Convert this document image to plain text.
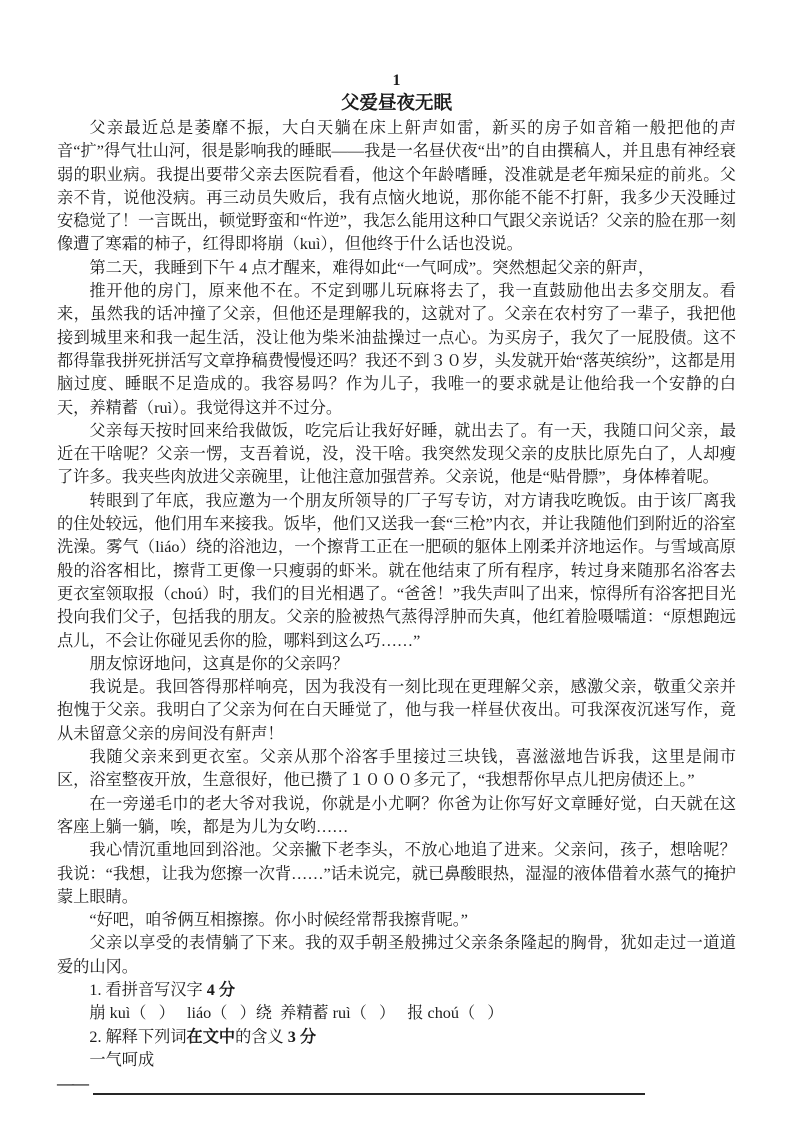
1
父爱昼夜无眠

父亲最近总是萎靡不振，大白天躺在床上鼾声如雷，新买的房子如音箱一般把他的声音“扩”得气壮山河，很是影响我的睡眠——我是一名昼伏夜“出”的自由撰稿人，并且患有神经衰弱的职业病。我提出要带父亲去医院看看，他这个年龄嗜睡，没准就是老年痴呆症的前兆。父亲不肯，说他没病。再三动员失败后，我有点恼火地说，那你能不能不打鼾，我多少天没睡过安稳觉了！一言既出，顿觉野蛮和“忤逆”，我怎么能用这种口气跟父亲说话？父亲的脸在那一刻像遭了寒霜的柿子，红得即将崩（kuì），但他终于什么话也没说。

第二天，我睡到下午 4 点才醒来，难得如此“一气呵成”。突然想起父亲的鼾声，

推开他的房门，原来他不在。不定到哪儿玩麻将去了，我一直鼓励他出去多交朋友。看来，虽然我的话冲撞了父亲，但他还是理解我的，这就对了。父亲在农村穷了一辈子，我把他接到城里来和我一起生活，没让他为柴米油盐操过一点心。为买房子，我欠了一屁股债。这不都得靠我拼死拼活写文章挣稿费慢慢还吗？我还不到３０岁，头发就开始“落英缤纷”，这都是用脑过度、睡眠不足造成的。我容易吗？作为儿子，我唯一的要求就是让他给我一个安静的白天，养精蓄（ruì）。我觉得这并不过分。

父亲每天按时回来给我做饭，吃完后让我好好睡，就出去了。有一天，我随口问父亲，最近在干啥呢？父亲一愣，支吾着说，没，没干啥。我突然发现父亲的皮肤比原先白了，人却瘦了许多。我夹些肉放进父亲碗里，让他注意加强营养。父亲说，他是“贴骨膘”，身体棒着呢。

转眼到了年底，我应邀为一个朋友所领导的厂子写专访，对方请我吃晚饭。由于该厂离我的住处较远，他们用车来接我。饭毕，他们又送我一套“三枪”内衣，并让我随他们到附近的浴室洗澡。雾气（liáo）绕的浴池边，一个擦背工正在一肥硕的躯体上刚柔并济地运作。与雪域高原般的浴客相比，擦背工更像一只瘦弱的虾米。就在他结束了所有程序，转过身来随那名浴客去更衣室领取报（choú）时，我们的目光相遇了。“爸爸！”我失声叫了出来，惊得所有浴客把目光投向我们父子，包括我的朋友。父亲的脸被热气蒸得浮肿而失真，他红着脸嗫嚅道：“原想跑远点儿，不会让你碰见丢你的脸，哪料到这么巧……”

朋友惊讶地问，这真是你的父亲吗？

我说是。我回答得那样响亮，因为我没有一刻比现在更理解父亲，感激父亲，敬重父亲并抱愧于父亲。我明白了父亲为何在白天睡觉了，他与我一样昼伏夜出。可我深夜沉迷写作，竟从未留意父亲的房间没有鼾声！

我随父亲来到更衣室。父亲从那个浴客手里接过三块钱，喜滋滋地告诉我，这里是闹市区，浴室整夜开放，生意很好，他已攒了１０００多元了，“我想帮你早点儿把房债还上。”

在一旁递毛巾的老大爷对我说，你就是小尤啊？你爸为让你写好文章睡好觉，白天就在这客座上躺一躺，唉，都是为儿为女哟……

我心情沉重地回到浴池。父亲撇下老李头，不放心地追了进来。父亲问，孩子，想啥呢？我说：“我想，让我为您擦一次背……”话未说完，就已鼻酸眼热，湿湿的液体借着水蒸气的掩护蒙上眼睛。

“好吧，咱爷俩互相擦擦。你小时候经常帮我擦背呢。”

父亲以享受的表情躺了下来。我的双手朝圣般拂过父亲条条隆起的胸骨，犹如走过一道道爱的山冈。

1. 看拼音写汉字 4 分

崩 kuì（   ）   liáo（   ）绕  养精蓄 ruì（   ）   报 choú（   ）

2. 解释下列词在文中的含义 3 分

一气呵成

——
